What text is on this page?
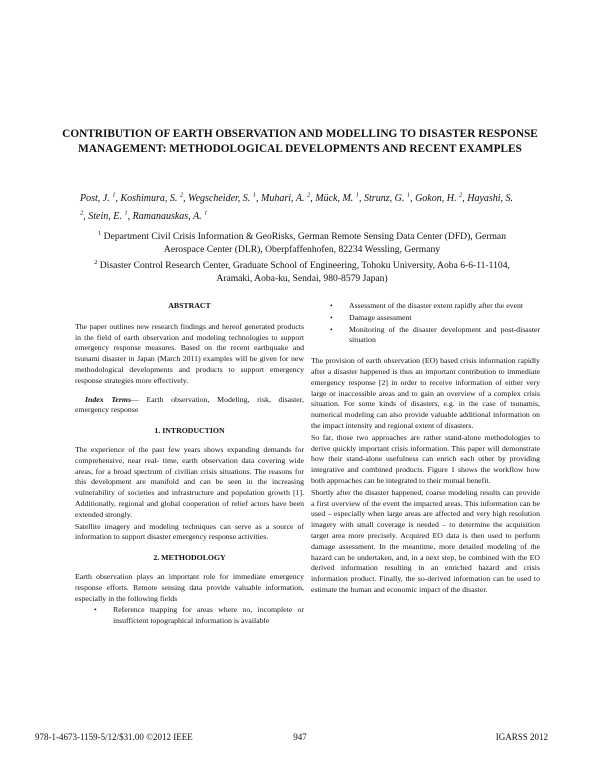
CONTRIBUTION OF EARTH OBSERVATION AND MODELLING TO DISASTER RESPONSE MANAGEMENT: METHODOLOGICAL DEVELOPMENTS AND RECENT EXAMPLES

Post, J. $^1$, Koshimura, S. $^2$, Wegscheider, S. $^1$, Muhari, A. $^2$, Mück, M. $^1$, Strunz, G. $^1$, Gokon, H. $^2$, Hayashi, S. $^2$, Stein, E. $^1$, Ramanauskas, A. $^1$

$^1$ Department Civil Crisis Information & GeoRisks, German Remote Sensing Data Center (DFD), German Aerospace Center (DLR), Oberpfaffenhofen, 82234 Wessling, Germany
$^2$ Disaster Control Research Center, Graduate School of Engineering, Tohoku University, Aoba 6-6-11-1104, Aramaki, Aoba-ku, Sendai, 980-8579 Japan)
ABSTRACT

The paper outlines new research findings and hereof generated products in the field of earth observation and modeling technologies to support emergency response measures. Based on the recent earthquake and tsunami disaster in Japan (March 2011) examples will be given for new methodological developments and products to support emergency response strategies more effectively.

Index Terms— Earth observation, Modeling, risk, disaster, emergency response

1. INTRODUCTION

The experience of the past few years shows expanding demands for comprehensive, near real- time, earth observation data covering wide areas, for a broad spectrum of civilian crisis situations. The reasons for this development are manifold and can be seen in the increasing vulnerability of societies and infrastructure and population growth [1]. Additionally, regional and global cooperation of relief actors have been extended strongly.

Satellite imagery and modeling techniques can serve as a source of information to support disaster emergency response activities.

2. METHODOLOGY

Earth observation plays an important role for immediate emergency response efforts. Remote sensing data provide valuable information, especially in the following fields

• Reference mapping for areas where no, incomplete or insufficient topographical information is available
• Assessment of the disaster extent rapidly after the event
• Damage assessment
• Monitoring of the disaster development and post-disaster situation

The provision of earth observation (EO) based crisis information rapidly after a disaster happened is thus an important contribution to immediate emergency response [2] in order to receive information of either very large or inaccessible areas and to gain an overview of a complex crisis situation. For some kinds of disasters, e.g. in the case of tsunamis, numerical modeling can also provide valuable additional information on the impact intensity and regional extent of disasters.

So far, those two approaches are rather stand-alone methodologies to derive quickly important crisis information. This paper will demonstrate how their stand-alone usefulness can enrich each other by providing integrative and combined products. Figure 1 shows the workflow how both approaches can be integrated to their mutual benefit.

Shortly after the disaster happened, coarse modeling results can provide a first overview of the event the impacted areas. This information can be used – especially when large areas are affected and very high resolution imagery with small coverage is needed – to determine the acquisition target area more precisely. Acquired EO data is then used to perform damage assessment. In the meantime, more detailed modeling of the hazard can be undertaken, and, in a next step, be combined with the EO derived information resulting in an enriched hazard and crisis information product. Finally, the so-derived information can be used to estimate the human and economic impact of the disaster.

978-1-4673-1159-5/12/$31.00 ©2012 IEEE	947	IGARSS 2012
